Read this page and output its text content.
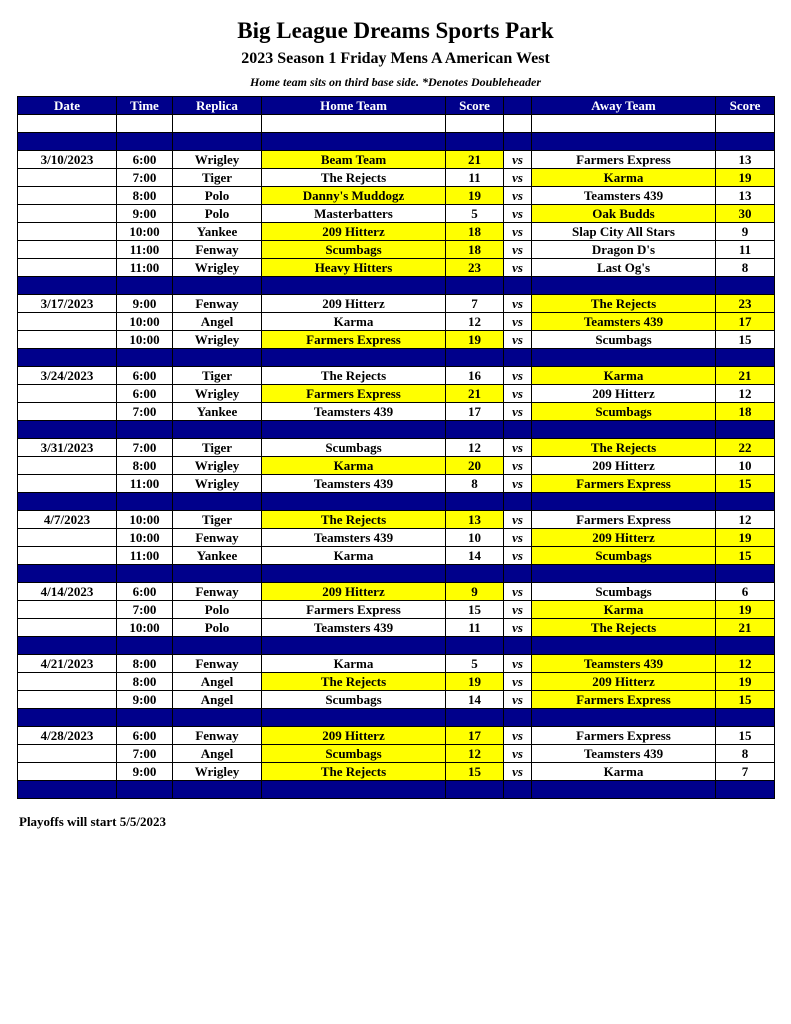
Big League Dreams Sports Park
2023 Season 1 Friday Mens A American West
Home team sits on third base side. *Denotes Doubleheader
Date	Time	Replica	Home Team	Score		Away Team	Score

3/10/2023	6:00	Wrigley	Beam Team	21	vs	Farmers Express	13
	7:00	Tiger	The Rejects	11	vs	Karma	19
	8:00	Polo	Danny's Muddogz	19	vs	Teamsters 439	13
	9:00	Polo	Masterbatters	5	vs	Oak Budds	30
	10:00	Yankee	209 Hitterz	18	vs	Slap City All Stars	9
	11:00	Fenway	Scumbags	18	vs	Dragon D's	11
	11:00	Wrigley	Heavy Hitters	23	vs	Last Og's	8

3/17/2023	9:00	Fenway	209 Hitterz	7	vs	The Rejects	23
	10:00	Angel	Karma	12	vs	Teamsters 439	17
	10:00	Wrigley	Farmers Express	19	vs	Scumbags	15

3/24/2023	6:00	Tiger	The Rejects	16	vs	Karma	21
	6:00	Wrigley	Farmers Express	21	vs	209 Hitterz	12
	7:00	Yankee	Teamsters 439	17	vs	Scumbags	18

3/31/2023	7:00	Tiger	Scumbags	12	vs	The Rejects	22
	8:00	Wrigley	Karma	20	vs	209 Hitterz	10
	11:00	Wrigley	Teamsters 439	8	vs	Farmers Express	15

4/7/2023	10:00	Tiger	The Rejects	13	vs	Farmers Express	12
	10:00	Fenway	Teamsters 439	10	vs	209 Hitterz	19
	11:00	Yankee	Karma	14	vs	Scumbags	15

4/14/2023	6:00	Fenway	209 Hitterz	9	vs	Scumbags	6
	7:00	Polo	Farmers Express	15	vs	Karma	19
	10:00	Polo	Teamsters 439	11	vs	The Rejects	21

4/21/2023	8:00	Fenway	Karma	5	vs	Teamsters 439	12
	8:00	Angel	The Rejects	19	vs	209 Hitterz	19
	9:00	Angel	Scumbags	14	vs	Farmers Express	15

4/28/2023	6:00	Fenway	209 Hitterz	17	vs	Farmers Express	15
	7:00	Angel	Scumbags	12	vs	Teamsters 439	8
	9:00	Wrigley	The Rejects	15	vs	Karma	7

Playoffs will start 5/5/2023
